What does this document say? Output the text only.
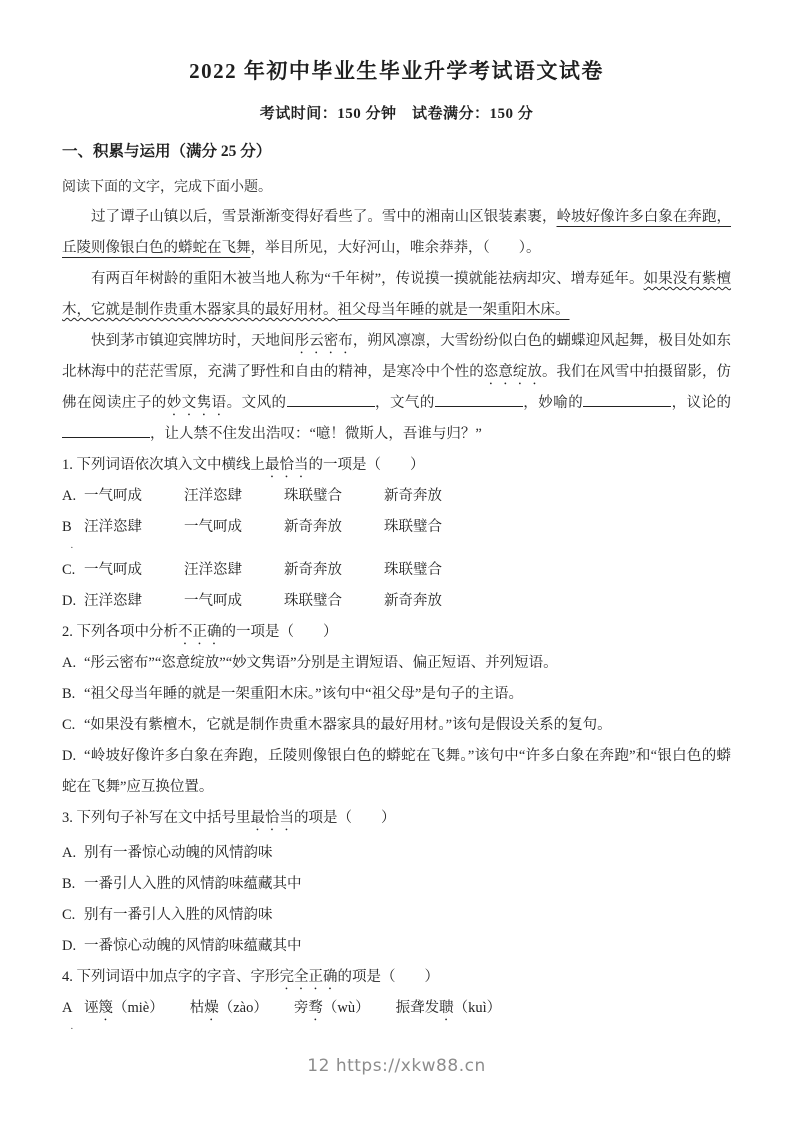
2022 年初中毕业生毕业升学考试语文试卷
考试时间：150 分钟　试卷满分：150 分
一、积累与运用（满分 25 分）

阅读下面的文字，完成下面小题。

过了谭子山镇以后，雪景渐渐变得好看些了。雪中的湘南山区银装素裹，岭坡好像许多白象在奔跑，丘陵则像银白色的蟒蛇在飞舞，举目所见，大好河山，唯余莽莽，（　　）。

有两百年树龄的重阳木被当地人称为“千年树”，传说摸一摸就能祛病却灾、增寿延年。如果没有紫檀木，它就是制作贵重木器家具的最好用材。祖父母当年睡的就是一架重阳木床。

快到茅市镇迎宾牌坊时，天地间彤云密布，朔风凛凛，大雪纷纷似白色的蝴蝶迎风起舞，极目处如东北林海中的茫茫雪原，充满了野性和自由的精神，是寒冷中个性的恣意绽放。我们在风雪中拍摄留影，仿佛在阅读庄子的妙文隽语。文风的	，文气的	，妙喻的	，议论的，让人禁不住发出浩叹：“噫！微斯人，吾谁与归？”

1. 下列词语依次填入文中横线上最恰当的一项是（　　）
A. 一气呵成	汪洋恣肆	珠联璧合	新奇奔放
B 汪洋恣肆	一气呵成	新奇奔放	珠联璧合
·
C. 一气呵成	汪洋恣肆	新奇奔放	珠联璧合
D. 汪洋恣肆	一气呵成	珠联璧合	新奇奔放
2. 下列各项中分析不正确的一项是（　　）
A. “彤云密布”“恣意绽放”“妙文隽语”分别是主谓短语、偏正短语、并列短语。
B. “祖父母当年睡的就是一架重阳木床。”该句中“祖父母”是句子的主语。
C. “如果没有紫檀木，它就是制作贵重木器家具的最好用材。”该句是假设关系的复句。
D. “岭坡好像许多白象在奔跑，丘陵则像银白色的蟒蛇在飞舞。”该句中“许多白象在奔跑”和“银白色的蟒蛇在飞舞”应互换位置。
3. 下列句子补写在文中括号里最恰当的项是（　　）
A. 别有一番惊心动魄的风情韵味
B. 一番引人入胜的风情韵味蕴藏其中
C. 别有一番引人入胜的风情韵味
D. 一番惊心动魄的风情韵味蕴藏其中
4. 下列词语中加点字的字音、字形完全正确的项是（　　）
A 诬篾（miè） 枯燥（zào） 旁骛（wù） 振聋发聩（kuì）
·
12 https://xkw88.cn
